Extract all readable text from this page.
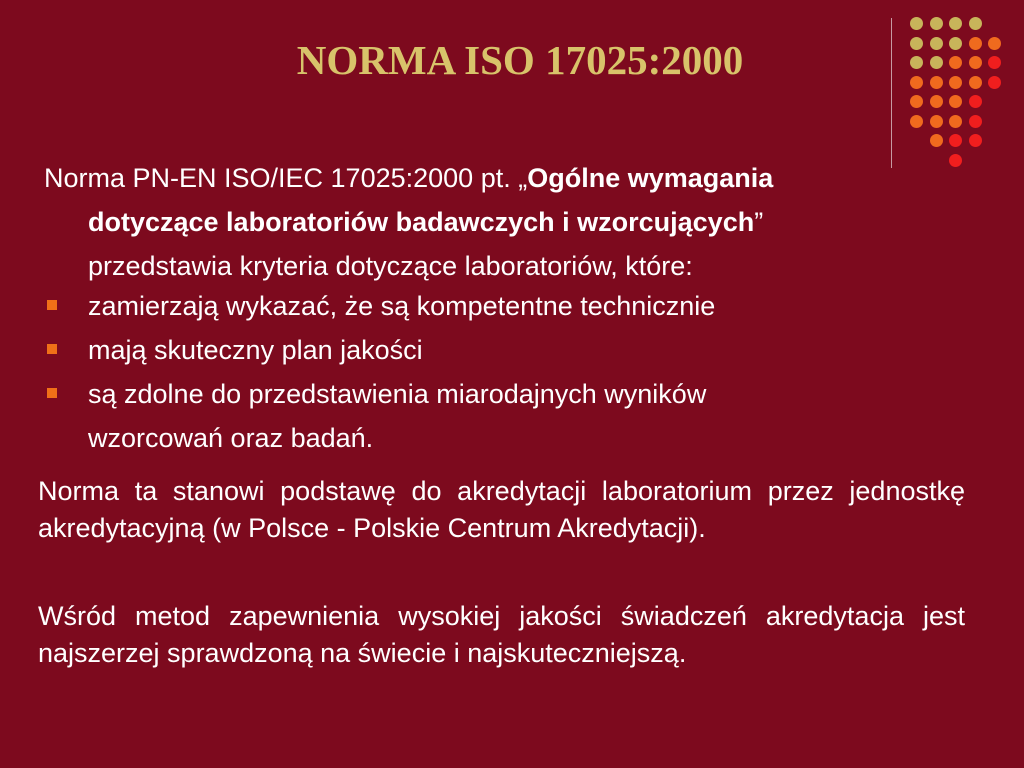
NORMA ISO 17025:2000
Norma PN-EN ISO/IEC 17025:2000 pt. „Ogólne wymagania
dotyczące laboratoriów badawczych i wzorcujących”
przedstawia kryteria dotyczące laboratoriów, które:
zamierzają wykazać, że są kompetentne technicznie
mają skuteczny plan jakości
są zdolne do przedstawienia miarodajnych wyników
wzorcowań oraz badań.
Norma ta stanowi podstawę do akredytacji laboratorium przez jednostkę akredytacyjną (w Polsce - Polskie Centrum Akredytacji).
Wśród metod zapewnienia wysokiej jakości świadczeń akredytacja jest najszerzej sprawdzoną na świecie i najskuteczniejszą.
